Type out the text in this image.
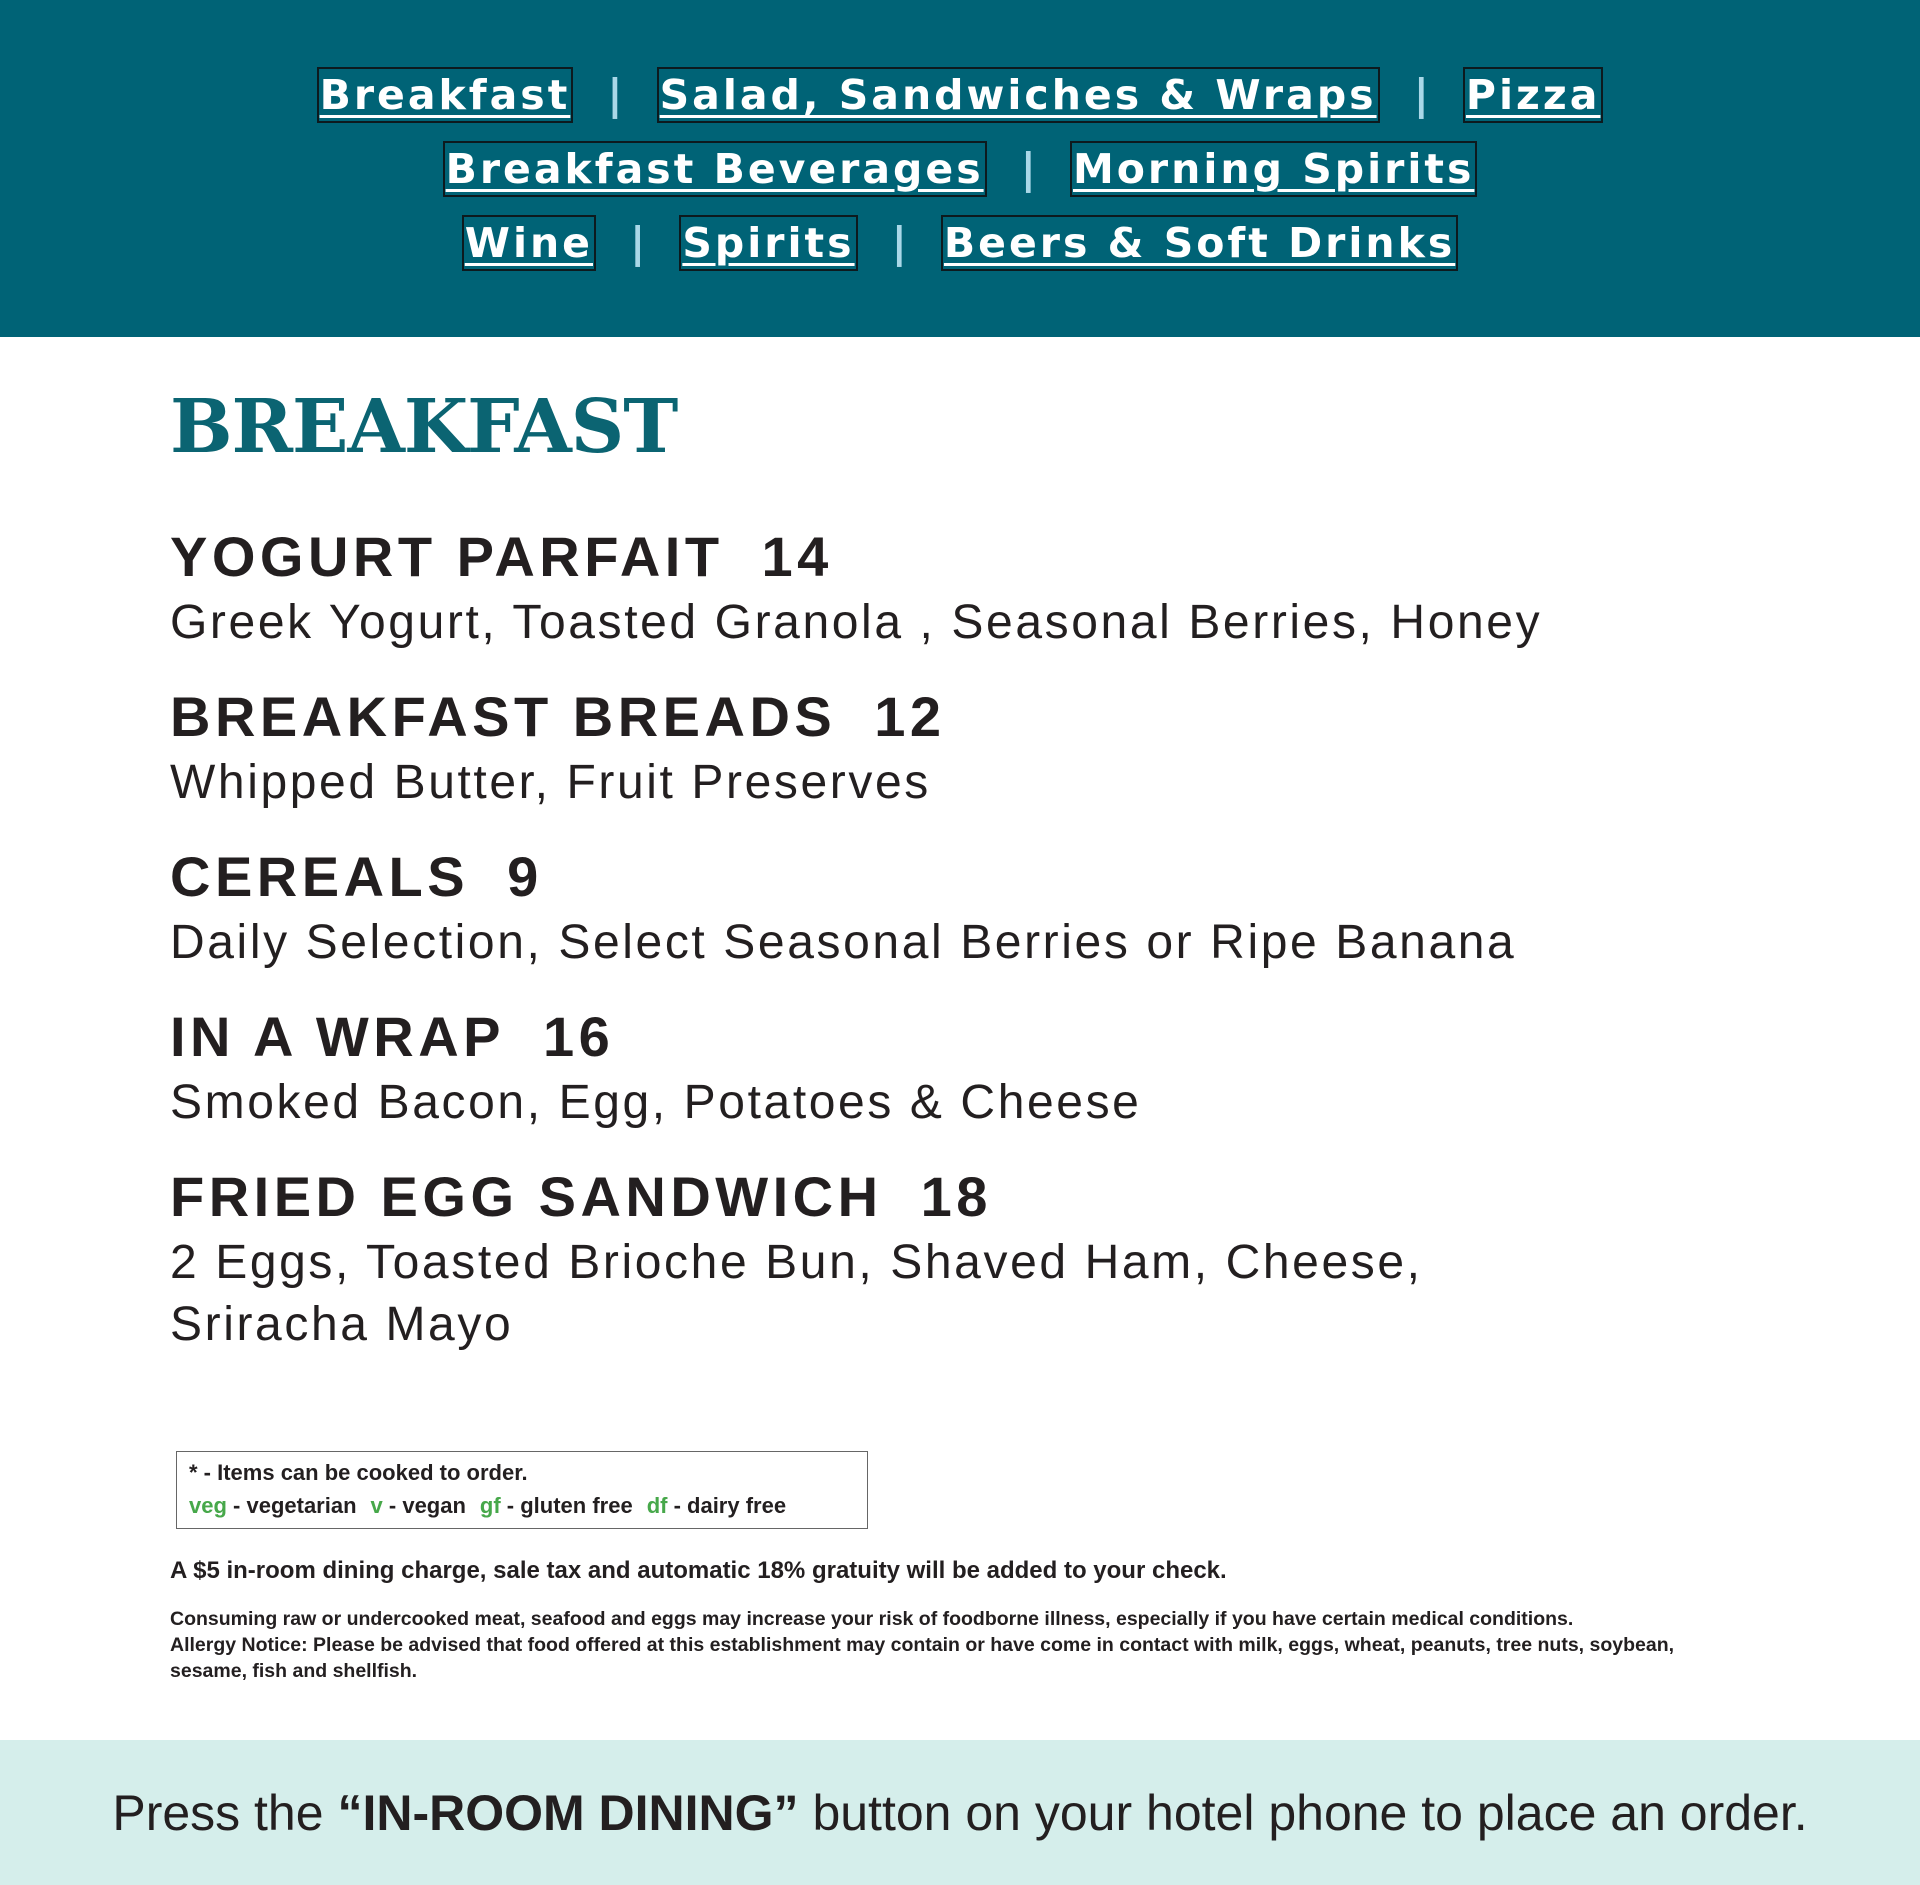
Breakfast | Salad, Sandwiches & Wraps | Pizza
Breakfast Beverages | Morning Spirits
Wine | Spirits | Beers & Soft Drinks
BREAKFAST
YOGURT PARFAIT 14
Greek Yogurt, Toasted Granola , Seasonal Berries, Honey
BREAKFAST BREADS 12
Whipped Butter, Fruit Preserves
CEREALS 9
Daily Selection, Select Seasonal Berries or Ripe Banana
IN A WRAP 16
Smoked Bacon, Egg, Potatoes & Cheese
FRIED EGG SANDWICH 18
2 Eggs, Toasted Brioche Bun, Shaved Ham, Cheese, Sriracha Mayo
* - Items can be cooked to order.
veg - vegetarian v - vegan gf - gluten free df - dairy free
A $5 in-room dining charge, sale tax and automatic 18% gratuity will be added to your check.
Consuming raw or undercooked meat, seafood and eggs may increase your risk of foodborne illness, especially if you have certain medical conditions.
Allergy Notice: Please be advised that food offered at this establishment may contain or have come in contact with milk, eggs, wheat, peanuts, tree nuts, soybean, sesame, fish and shellfish.
Press the “IN-ROOM DINING” button on your hotel phone to place an order.
